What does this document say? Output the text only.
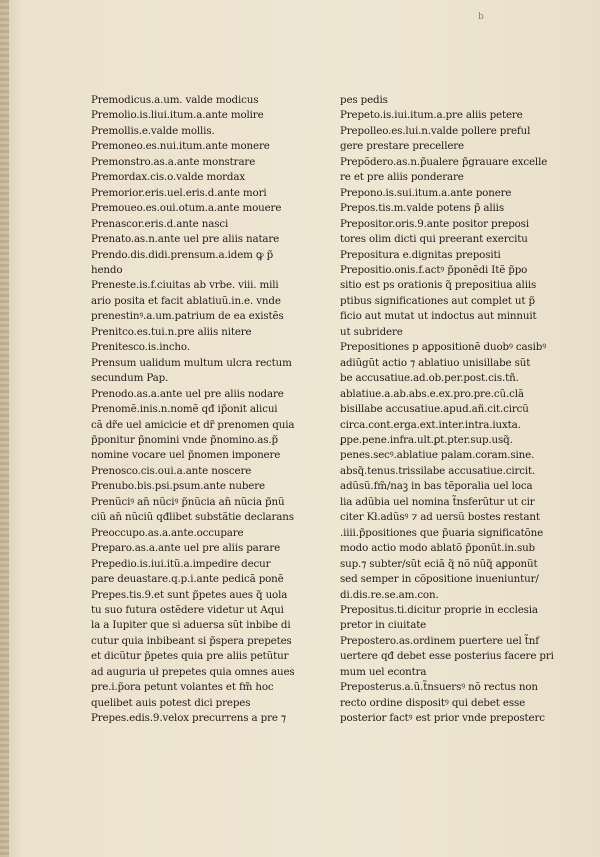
b
Premodicus.a.um. valde modicus
Premolio.is.liui.itum.a.ante molire
Premollis.e.valde mollis.
Premoneo.es.nui.itum.ante monere
Premonstro.as.a.ante monstrare
Premordax.cis.o.valde mordax
Premorior.eris.uel.eris.d.ante mori
Premoueo.es.oui.otum.a.ante mouere
Prenascor.eris.d.ante nasci
Prenato.as.n.ante uel pre aliis natare
Prendo.dis.didi.prensum.a.idem ꝙ p̃
hendo
Preneste.is.f.ciuitas ab vrbe. viii. mili
ario posita et facit ablatiuũ.in.e. vnde
prenestinꝰ.a.um.patrium de ea existẽs
Prenitco.es.tui.n.pre aliis nitere
Prenitesco.is.incho.
Prensum ualidum multum ulcra rectum
secundum Pap.
Prenodo.as.a.ante uel pre aliis nodare
Prenomẽ.inis.n.nomẽ qđ ip̃onit alicui
cã dr̃e uel amicicie et dr̃ prenomen quia
p̃ponitur p̃nomini vnde p̃nomino.as.p̃
nomine vocare uel p̃nomen imponere
Prenosco.cis.oui.a.ante noscere
Prenubo.bis.psi.psum.ante nubere
Prenũciꝰ an̄ nũciꝰ p̃nũcia an̄ nũcia p̃nũ
ciũ an̄ nũciũ qđlibet substãtie declarans
Preoccupo.as.a.ante.occupare
Preparo.as.a.ante uel pre aliis parare
Prepedio.is.iui.itũ.a.impedire decur
pare deuastare.q.p.i.ante pedicã ponẽ
Prepes.tis.9.et sunt p̃petes aues q̃ uola
tu suo futura ostẽdere videtur ut Aqui
la a Iupiter que si aduersa sũt inbibe di
cutur quia inbibeant si p̃spera prepetes
et dicũtur p̃petes quia pre aliis petũtur
ad auguria uł prepetes quia omnes aues
pre.i.p̃ora petunt volantes et fm̃ hoc
quelibet auis potest dici prepes
Prepes.edis.9.velox precurrens a pre ⁊
pes pedis
Prepeto.is.iui.itum.a.pre aliis petere
Prepolleo.es.lui.n.valde pollere preful
gere prestare precellere
Prepõdero.as.n.p̃ualere p̃grauare excelle
re et pre aliis ponderare
Prepono.is.sui.itum.a.ante ponere
Prepos.tis.m.valde potens p̃ aliis
Prepositor.oris.9.ante positor preposi
tores olim dicti qui preerant exercitu
Prepositura e.dignitas prepositi
Prepositio.onis.f.actꝰ p̃ponẽdi Itẽ p̃po
sitio est ps orationis q̃ prepositiua aliis
ptibus significationes aut complet ut p̃
ficio aut mutat ut indoctus aut minnuit
ut subridere
Prepositiones p aꝑpositionẽ duobꝰ casibꝰ
adiũgũt actio ⁊ ablatiuo unisillabe sũt
be accusatiue.ad.ob.per.post.cis.tñ.
ablatiue.a.ab.abs.e.ex.pro.pre.cũ.clã
bisillabe accusatiue.apud.añ.cit.circũ
circa.cont.erga.ext.inter.intra.iuxta.
ꝑpe.pene.infra.ult.ꝑt.pter.sup.usq̃.
penes.secꝰ.ablatiue palam.coram.sine.
absq̃.tenus.trissilabe accusatiue.circit.
adũsũ.fm̃/naꝫ in bas tẽporalia uel loca
lia adũbia uel nomina t̃nsferũtur ut cir
citer Kł.adũsꝰ ⁊ ad uersũ bostes restant
.iiii.p̃positiones que p̃uaria significatõne
modo actio modo ablatõ p̃ponũt.in.sub
sup.⁊ subter/sũt eciã q̃ nõ nũq̃ aꝑponũt
sed semper in cõpositione inueniuntur/
di.dis.re.se.am.con.
Prepositus.ti.dicitur proprie in ecclesia
pretor in ciuitate
Prepostero.as.ordinem puertere uel t̃nf
uertere qđ debet esse posterius facere pri
mum uel econtra
Preposterus.a.ũ.t̃nsuersꝰ nõ rectus non
recto ordine dispositꝰ qui debet esse
posterior factꝰ est prior vnde preposterc
